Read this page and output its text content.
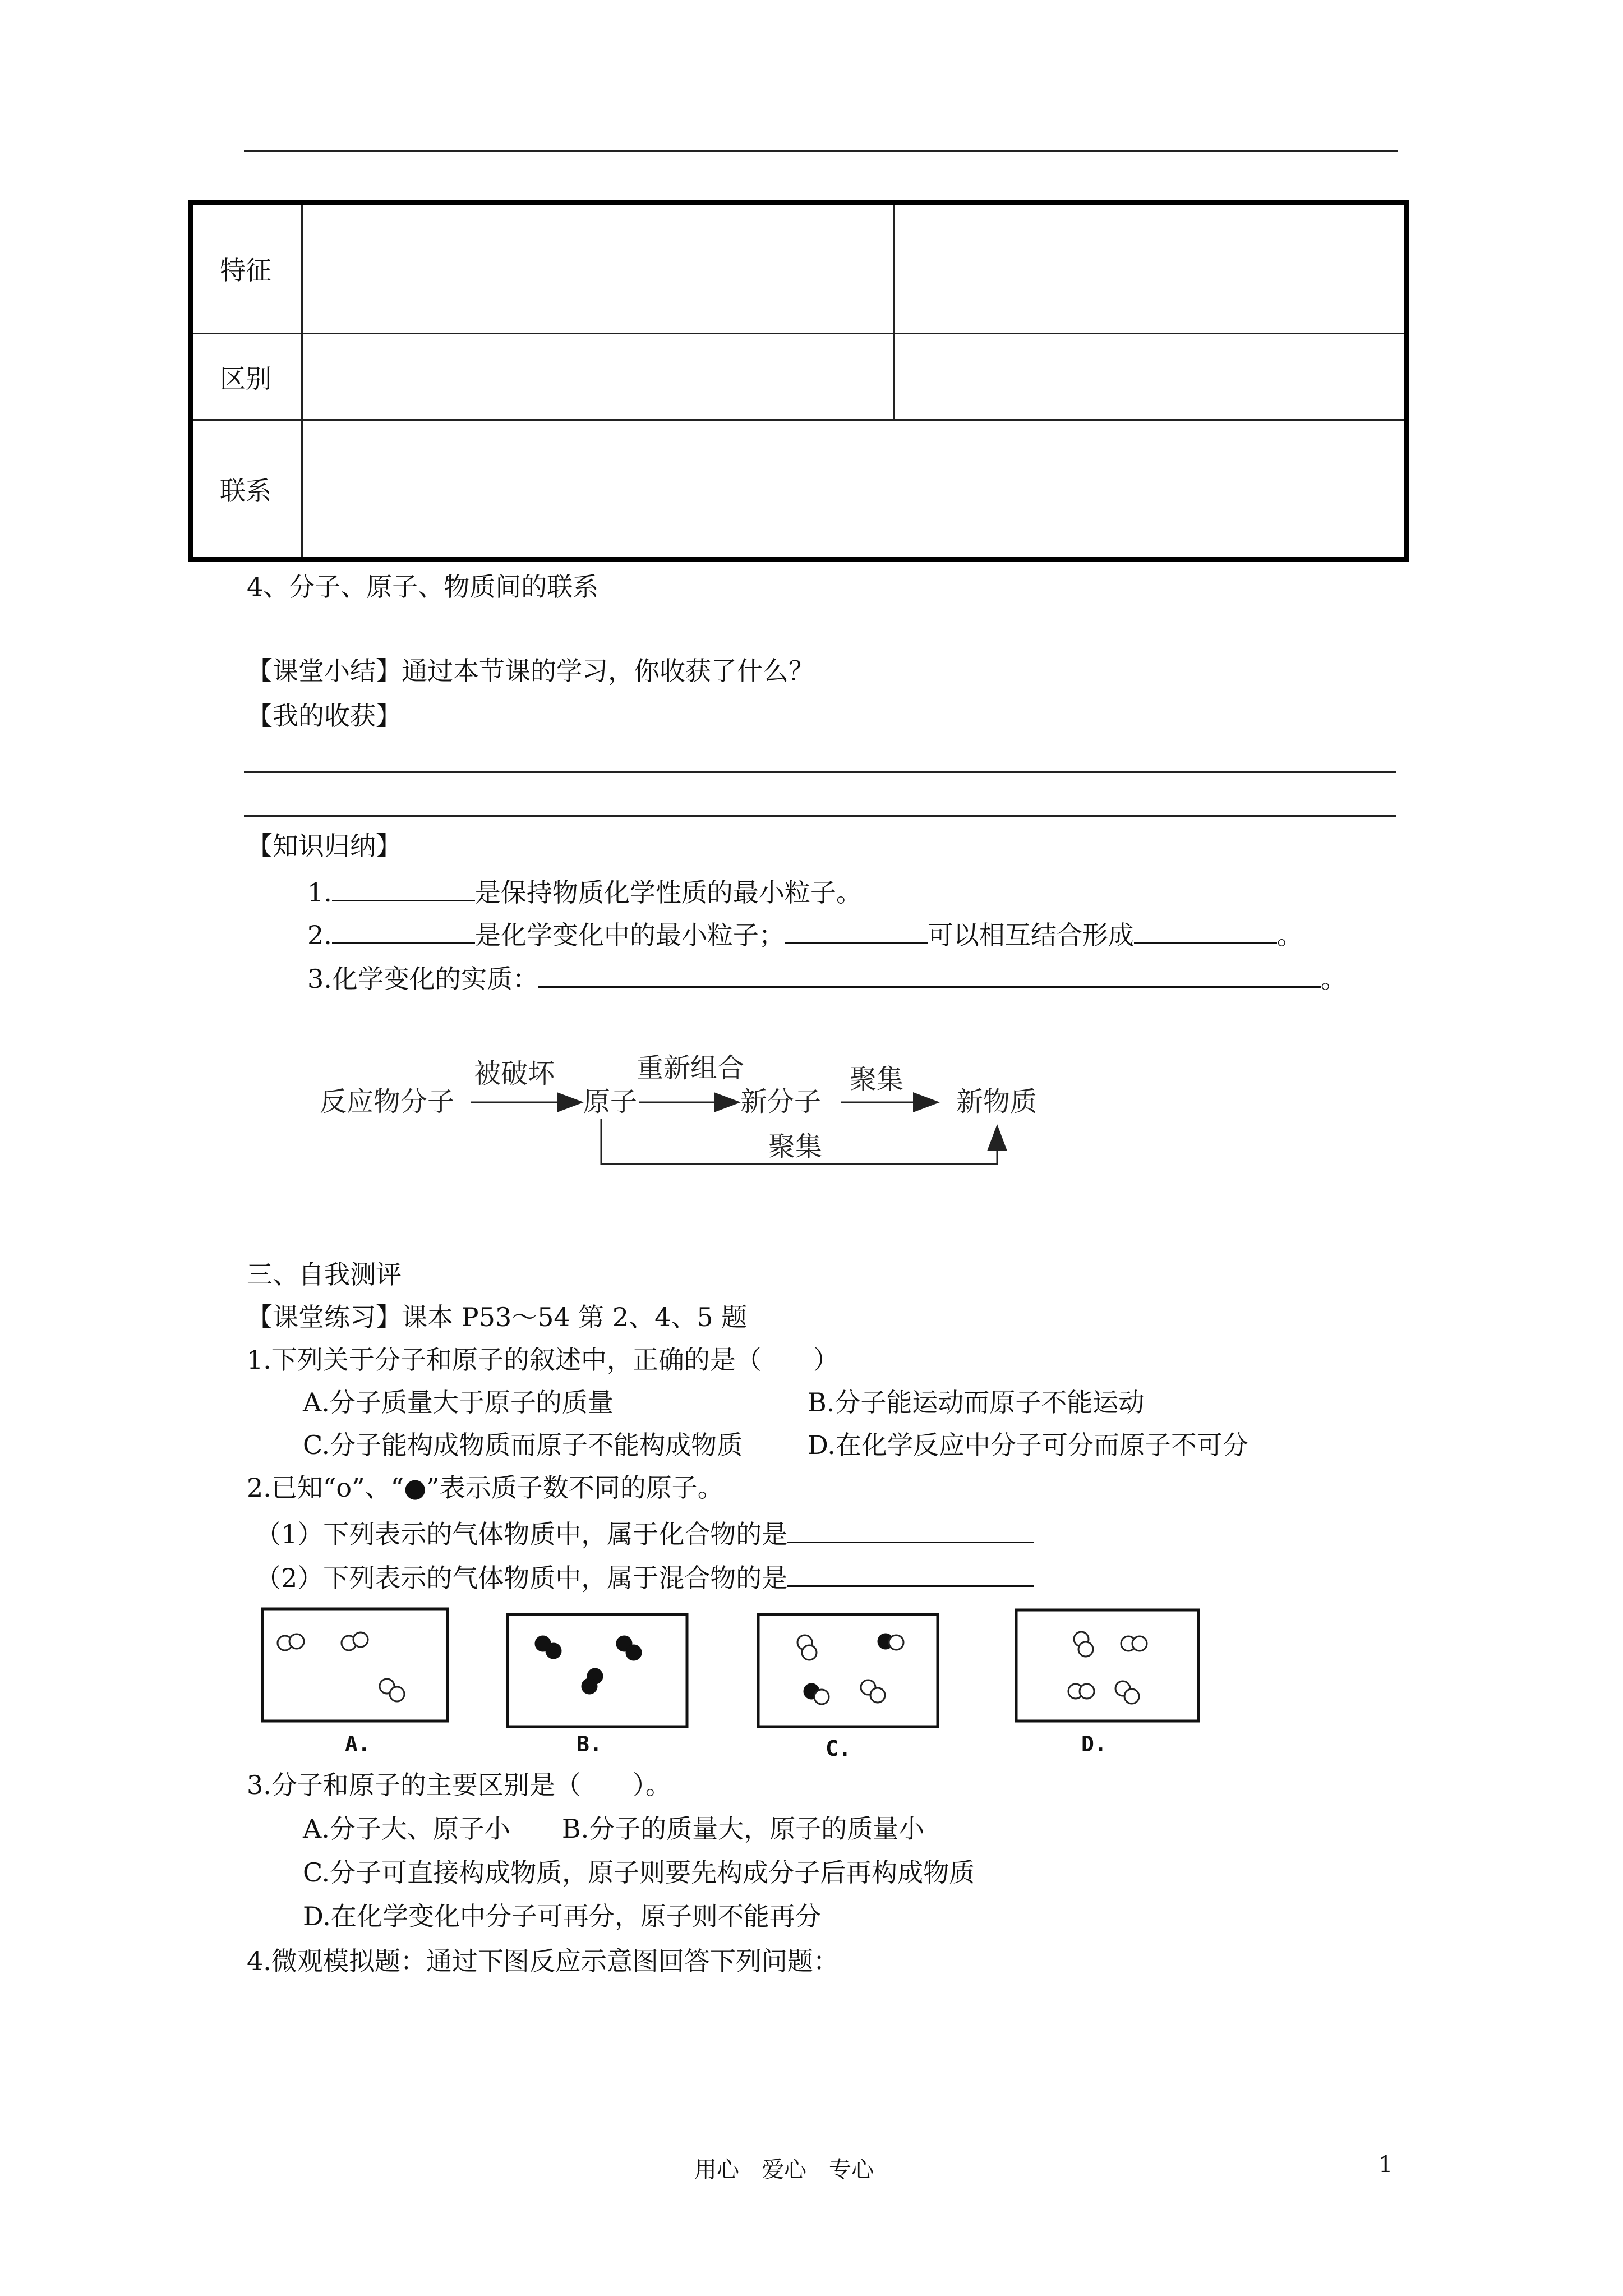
特征		
区别		
联系		
4、分子、原子、物质间的联系
【课堂小结】通过本节课的学习，你收获了什么？
【我的收获】
【知识归纳】
1.	是保持物质化学性质的最小粒子。
2.	是化学变化中的最小粒子；	可以相互结合形成	。
3.化学变化的实质：	。
反应物分子
被破坏
原子
重新组合
新分子
聚集
新物质
聚集
三、自我测评
【课堂练习】课本 P53～54 第 2、4、5 题
1.下列关于分子和原子的叙述中，正确的是（　　）
A.分子质量大于原子的质量	B.分子能运动而原子不能运动
C.分子能构成物质而原子不能构成物质	D.在化学反应中分子可分而原子不可分
2.已知“o”、“●”表示质子数不同的原子。
（1）下列表示的气体物质中，属于化合物的是
（2）下列表示的气体物质中，属于混合物的是
A.	B.	C.	D.
3.分子和原子的主要区别是（　　）。
A.分子大、原子小　　B.分子的质量大，原子的质量小
C.分子可直接构成物质，原子则要先构成分子后再构成物质
D.在化学变化中分子可再分，原子则不能再分
4.微观模拟题：通过下图反应示意图回答下列问题：
用心　爱心　专心	1
